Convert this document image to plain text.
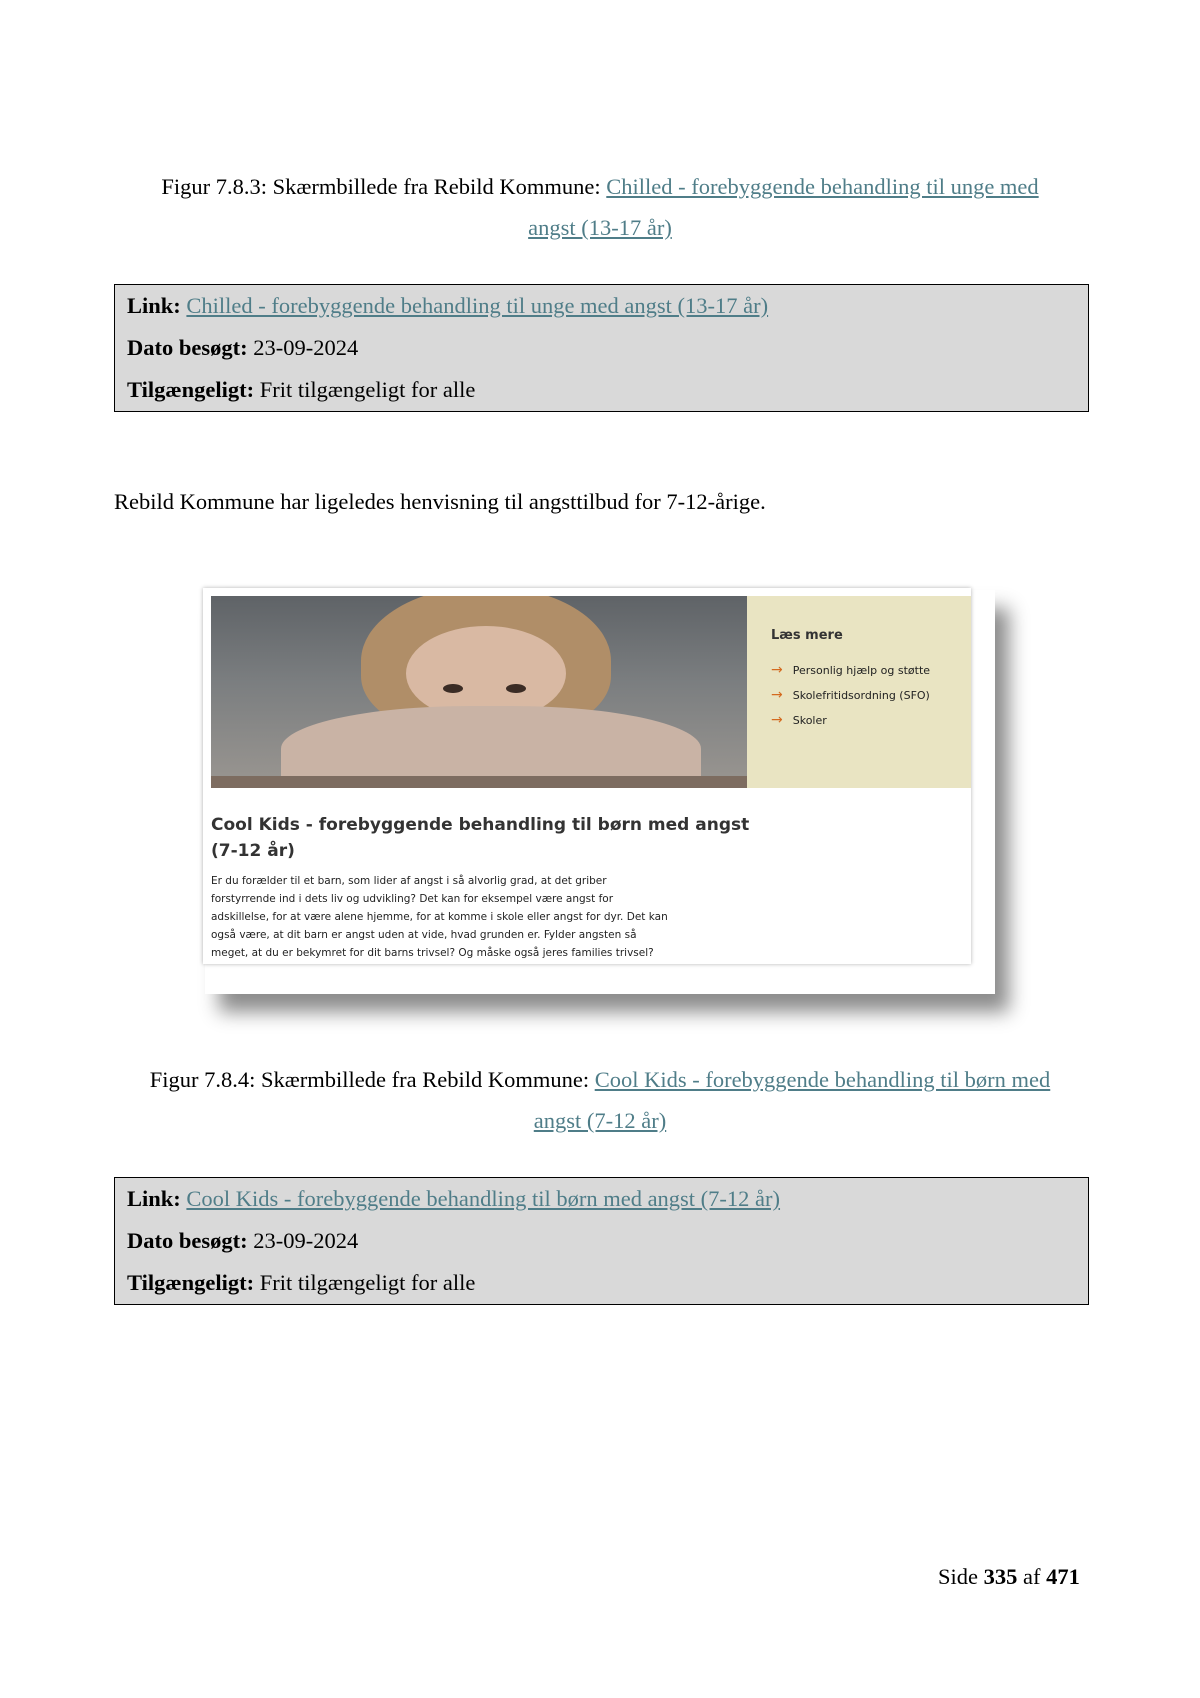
Figur 7.8.3: Skærmbillede fra Rebild Kommune: Chilled - forebyggende behandling til unge med
angst (13-17 år)
Link: Chilled - forebyggende behandling til unge med angst (13-17 år)
Dato besøgt: 23-09-2024
Tilgængeligt: Frit tilgængeligt for alle
Rebild Kommune har ligeledes henvisning til angsttilbud for 7-12-årige.
Læs mere
→ Personlig hjælp og støtte
→ Skolefritidsordning (SFO)
→ Skoler
Cool Kids - forebyggende behandling til børn med angst (7-12 år)
Er du forælder til et barn, som lider af angst i så alvorlig grad, at det griber
forstyrrende ind i dets liv og udvikling? Det kan for eksempel være angst for
adskillelse, for at være alene hjemme, for at komme i skole eller angst for dyr. Det kan
også være, at dit barn er angst uden at vide, hvad grunden er. Fylder angsten så
meget, at du er bekymret for dit barns trivsel? Og måske også jeres families trivsel?
Figur 7.8.4: Skærmbillede fra Rebild Kommune: Cool Kids - forebyggende behandling til børn med
angst (7-12 år)
Link: Cool Kids - forebyggende behandling til børn med angst (7-12 år)
Dato besøgt: 23-09-2024
Tilgængeligt: Frit tilgængeligt for alle
Side 335 af 471
